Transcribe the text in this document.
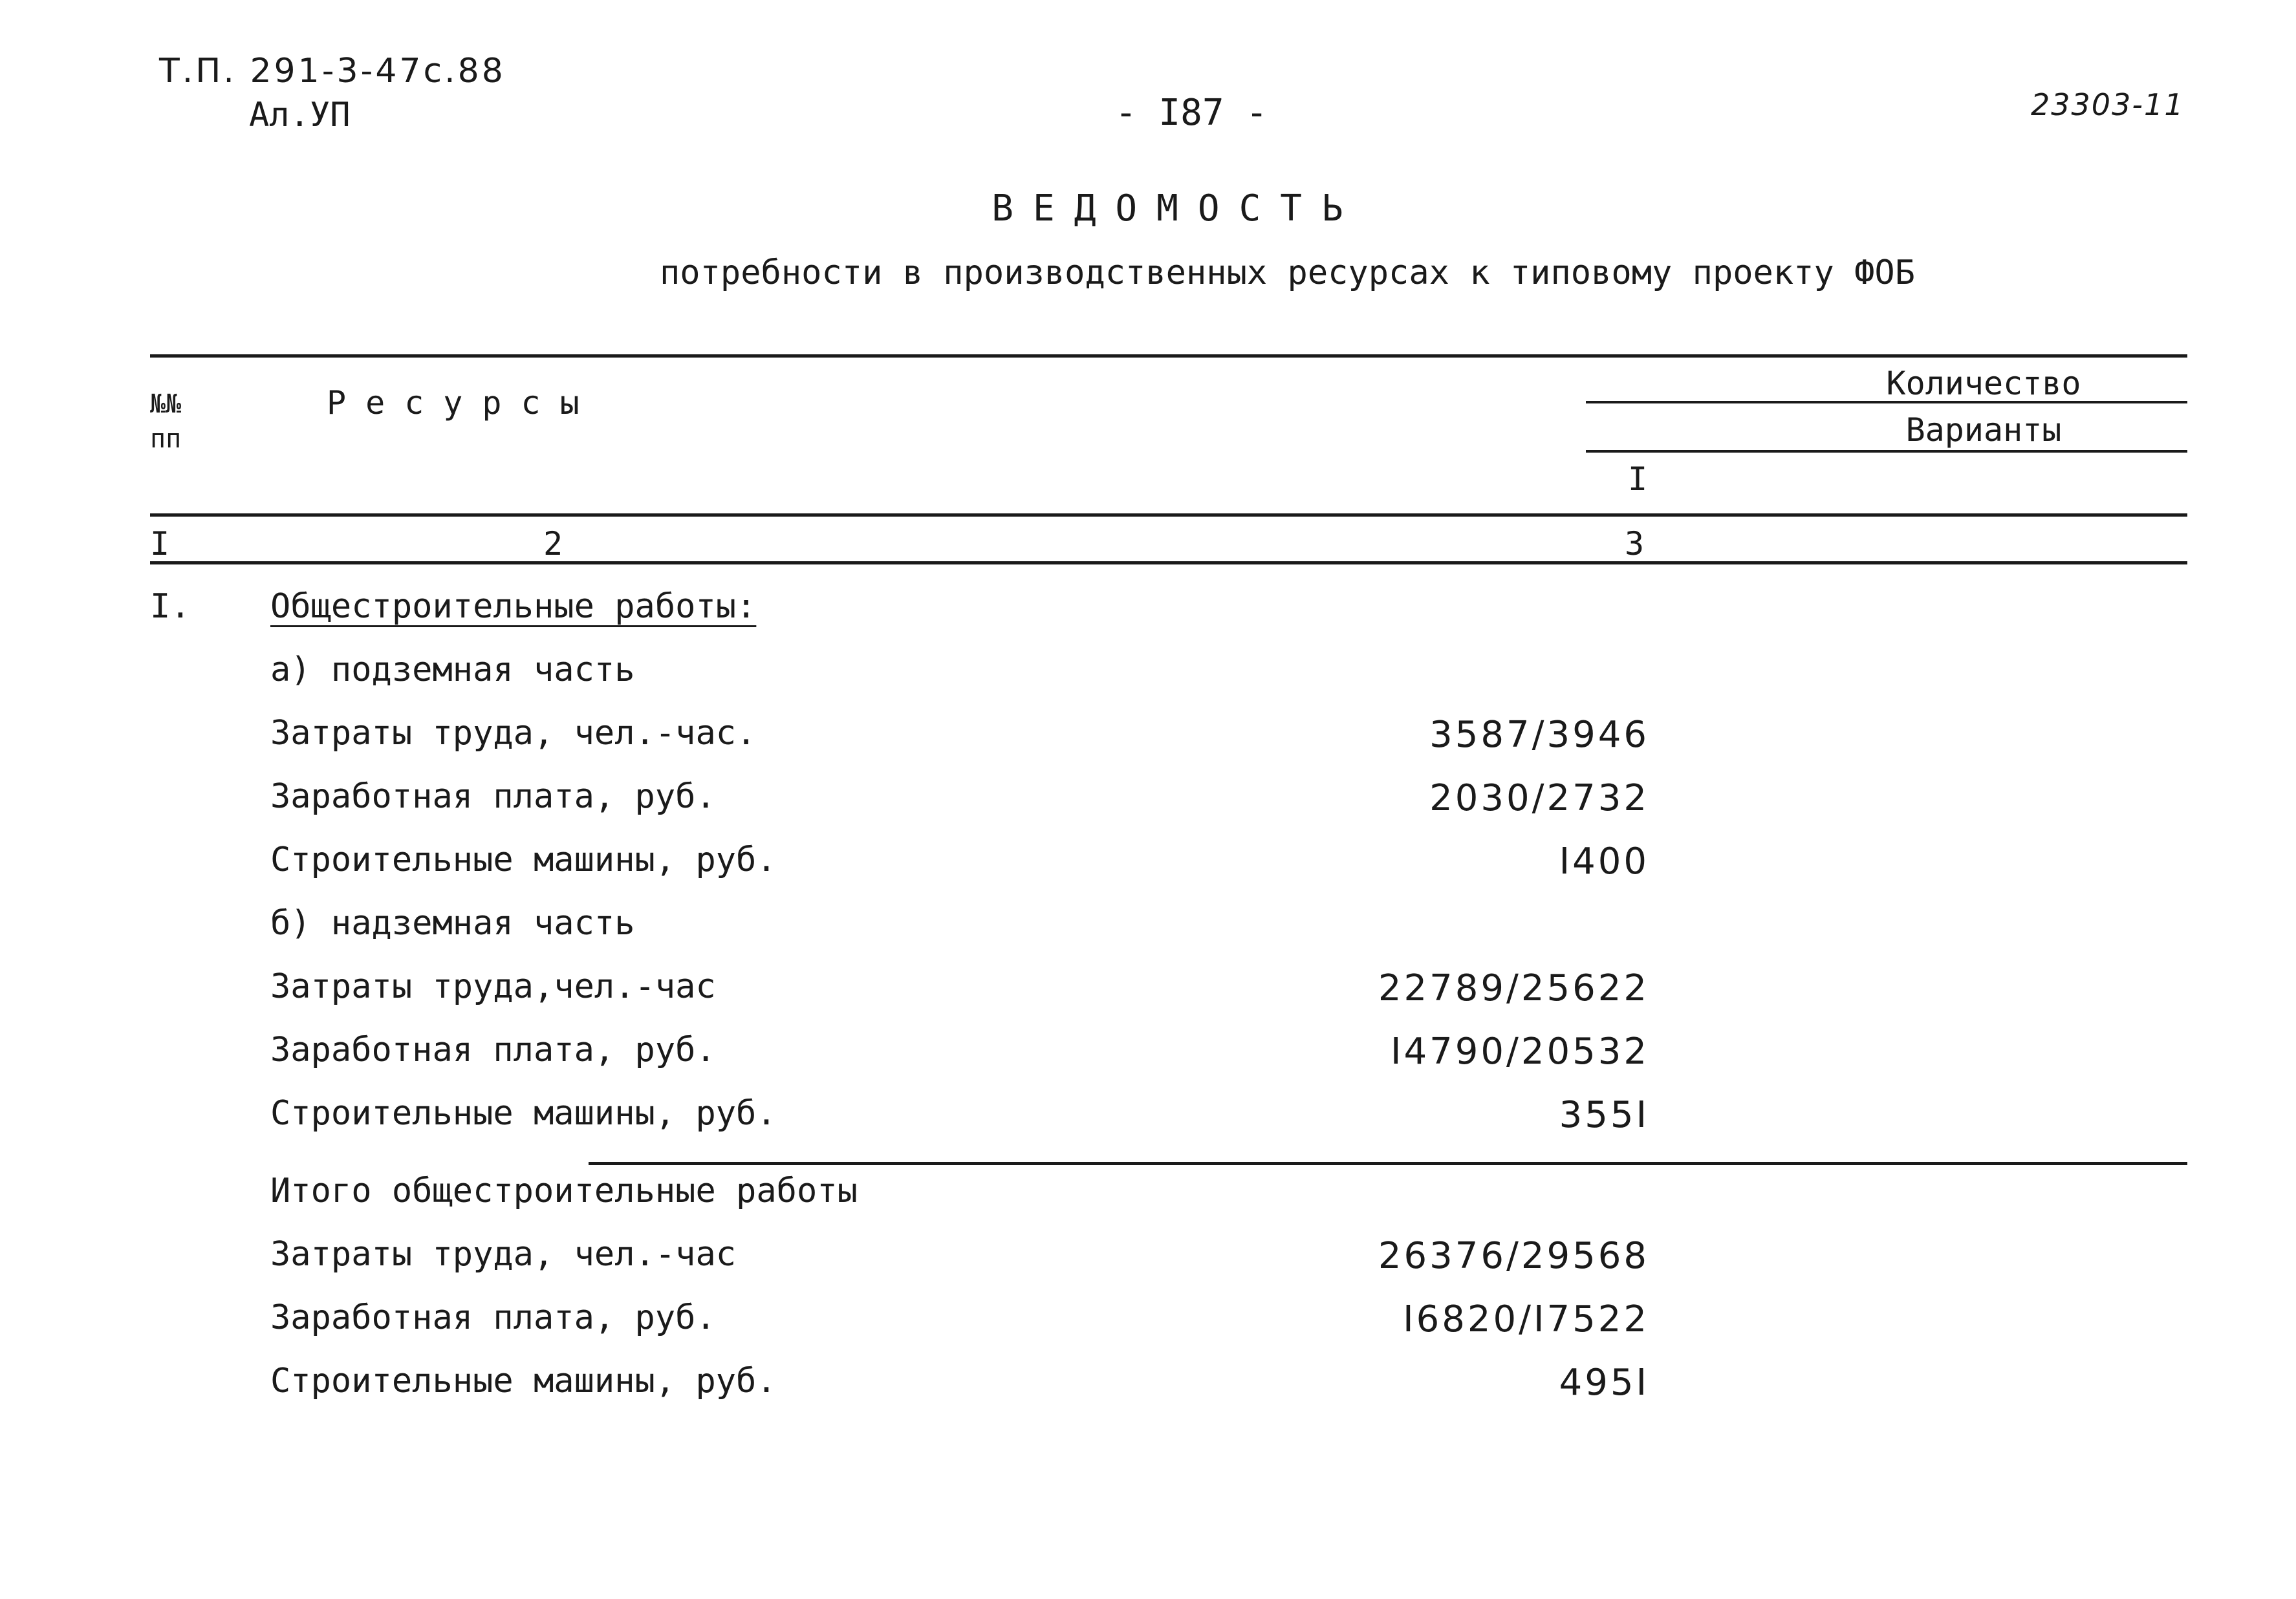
Т.П. 291-3-47с.88
Ал.УП	- I87 -	23303-11
ВЕДОМОСТЬ
потребности в производственных ресурсах к типовому проекту ФОБ
№№
пп
Ресурсы
Количество
Варианты
I
I	2	3
I. Общестроительные работы:
а) подземная часть
Затраты труда, чел.-час.	3587/3946
Заработная плата, руб.	2030/2732
Строительные машины, руб.	I400
б) надземная часть
Затраты труда,чел.-час	22789/25622
Заработная плата, руб.	I4790/20532
Строительные машины, руб.	355I
Итого общестроительные работы
Затраты труда, чел.-час	26376/29568
Заработная плата, руб.	I6820/I7522
Строительные машины, руб.	495I
